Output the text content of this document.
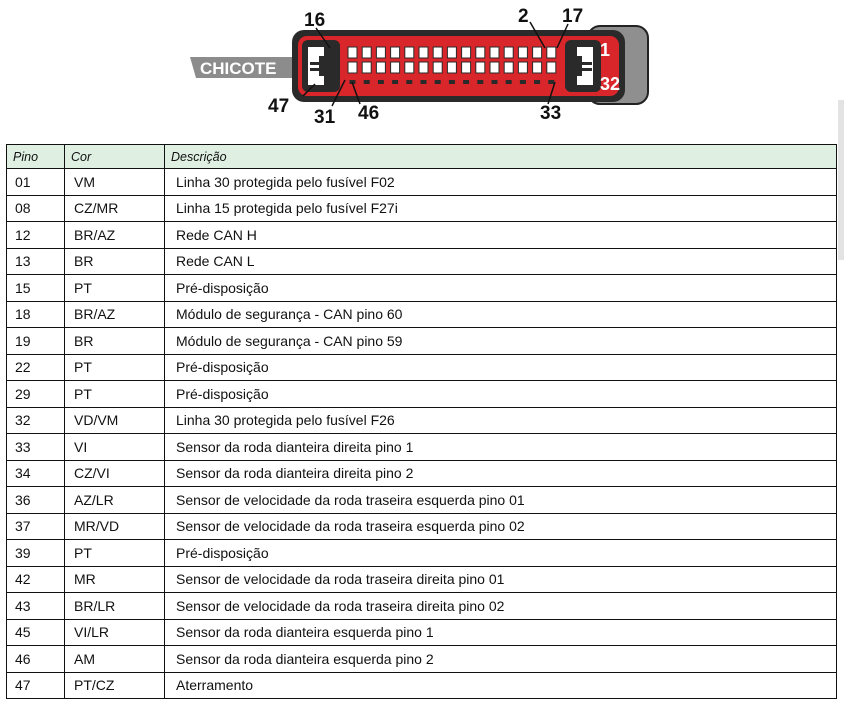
CHICOTE
16	2 17
47
31 46	33
1
32
Pino	Cor	Descrição
01	VM	Linha 30 protegida pelo fusível F02
08	CZ/MR	Linha 15 protegida pelo fusível F27i
12	BR/AZ	Rede CAN H
13	BR	Rede CAN L
15	PT	Pré-disposição
18	BR/AZ	Módulo de segurança - CAN pino 60
19	BR	Módulo de segurança - CAN pino 59
22	PT	Pré-disposição
29	PT	Pré-disposição
32	VD/VM	Linha 30 protegida pelo fusível F26
33	VI	Sensor da roda dianteira direita pino 1
34	CZ/VI	Sensor da roda dianteira direita pino 2
36	AZ/LR	Sensor de velocidade da roda traseira esquerda pino 01
37	MR/VD	Sensor de velocidade da roda traseira esquerda pino 02
39	PT	Pré-disposição
42	MR	Sensor de velocidade da roda traseira direita pino 01
43	BR/LR	Sensor de velocidade da roda traseira direita pino 02
45	VI/LR	Sensor da roda dianteira esquerda pino 1
46	AM	Sensor da roda dianteira esquerda pino 2
47	PT/CZ	Aterramento
